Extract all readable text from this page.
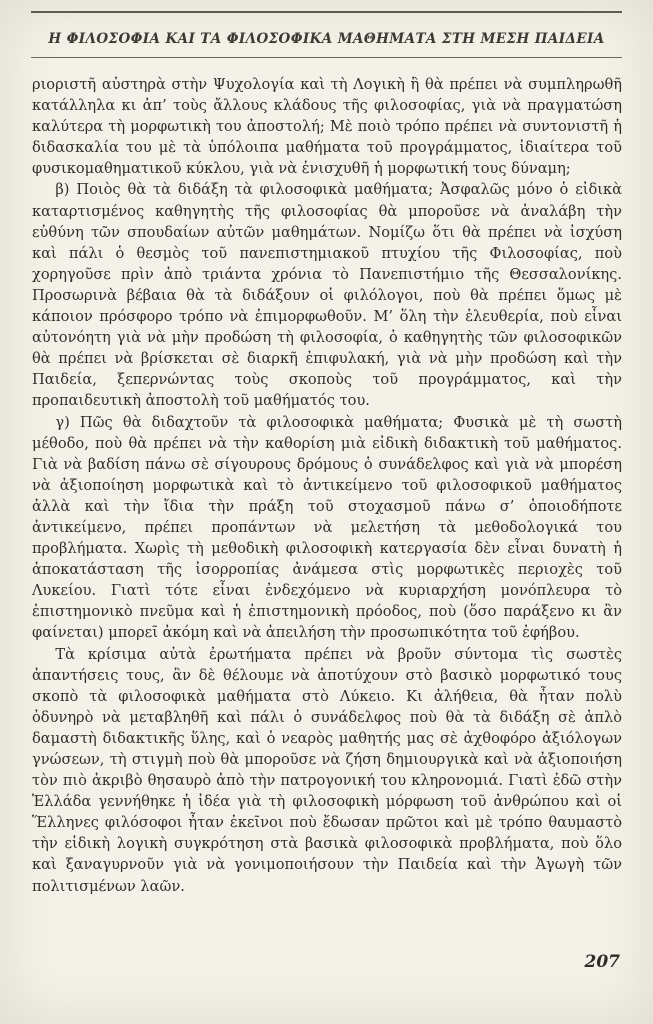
Η ΦΙΛΟΣΟΦΙΑ ΚΑΙ ΤΑ ΦΙΛΟΣΟΦΙΚΑ ΜΑΘΗΜΑΤΑ ΣΤΗ ΜΕΣΗ ΠΑΙΔΕΙΑ

ριοριστῆ αὐστηρὰ στὴν Ψυχολογία καὶ τὴ Λογικὴ ἢ θὰ πρέπει νὰ συμπληρωθῆ κατάλληλα κι ἀπ’ τοὺς ἄλλους κλάδους τῆς φιλοσοφίας, γιὰ νὰ πραγματώση καλύτερα τὴ μορφωτικὴ του ἀποστολή; Μὲ ποιὸ τρόπο πρέπει νὰ συντονιστῆ ἡ διδασκαλία του μὲ τὰ ὑπόλοιπα μαθήματα τοῦ προγράμματος, ἰδιαίτερα τοῦ φυσικομαθηματικοῦ κύκλου, γιὰ νὰ ἐνισχυθῆ ἡ μορφωτική τους δύναμη;

β) Ποιὸς θὰ τὰ διδάξη τὰ φιλοσοφικὰ μαθήματα; Ἀσφαλῶς μόνο ὁ εἰδικὰ καταρτισμένος καθηγητὴς τῆς φιλοσοφίας θὰ μποροῦσε νὰ ἀναλάβη τὴν εὐθύνη τῶν σπουδαίων αὐτῶν μαθημάτων. Νομίζω ὅτι θὰ πρέπει νὰ ἰσχύση καὶ πάλι ὁ θεσμὸς τοῦ πανεπιστημιακοῦ πτυχίου τῆς Φιλοσοφίας, ποὺ χορηγοῦσε πρὶν ἀπὸ τριάντα χρόνια τὸ Πανεπιστήμιο τῆς Θεσσαλονίκης. Προσωρινὰ βέβαια θὰ τὰ διδάξουν οἱ φιλόλογοι, ποὺ θὰ πρέπει ὅμως μὲ κάποιον πρόσφορο τρόπο νὰ ἐπιμορφωθοῦν. Μ’ ὅλη τὴν ἐλευθερία, ποὺ εἶναι αὐτονόητη γιὰ νὰ μὴν προδώση τὴ φιλοσοφία, ὁ καθηγητὴς τῶν φιλοσοφικῶν θὰ πρέπει νὰ βρίσκεται σὲ διαρκῆ ἐπιφυλακή, γιὰ νὰ μὴν προδώση καὶ τὴν Παιδεία, ξεπερνώντας τοὺς σκοποὺς τοῦ προγράμματος, καὶ τὴν προπαιδευτικὴ ἀποστολὴ τοῦ μαθήματός του.

γ) Πῶς θὰ διδαχτοῦν τὰ φιλοσοφικὰ μαθήματα; Φυσικὰ μὲ τὴ σωστὴ μέθοδο, ποὺ θὰ πρέπει νὰ τὴν καθορίση μιὰ εἰδικὴ διδακτικὴ τοῦ μαθήματος. Γιὰ νὰ βαδίση πάνω σὲ σίγουρους δρόμους ὁ συνάδελφος καὶ γιὰ νὰ μπορέση νὰ ἀξιοποίηση μορφωτικὰ καὶ τὸ ἀντικείμενο τοῦ φιλοσοφικοῦ μαθήματος ἀλλὰ καὶ τὴν ἴδια τὴν πράξη τοῦ στοχασμοῦ πάνω σ’ ὁποιοδήποτε ἀντικείμενο, πρέπει προπάντων νὰ μελετήση τὰ μεθοδολογικά του προβλήματα. Χωρὶς τὴ μεθοδικὴ φιλοσοφικὴ κατεργασία δὲν εἶναι δυνατὴ ἡ ἀποκατάσταση τῆς ἰσορροπίας ἀνάμεσα στὶς μορφωτικὲς περιοχὲς τοῦ Λυκείου. Γιατὶ τότε εἶναι ἐνδεχόμενο νὰ κυριαρχήση μονόπλευρα τὸ ἐπιστημονικὸ πνεῦμα καὶ ἡ ἐπιστημονικὴ πρόοδος, ποὺ (ὅσο παράξενο κι ἂν φαίνεται) μπορεῖ ἀκόμη καὶ νὰ ἀπειλήση τὴν προσωπικότητα τοῦ ἐφήβου.

Τὰ κρίσιμα αὐτὰ ἐρωτήματα πρέπει νὰ βροῦν σύντομα τὶς σωστὲς ἀπαντήσεις τους, ἂν δὲ θέλουμε νὰ ἀποτύχουν στὸ βασικὸ μορφωτικό τους σκοπὸ τὰ φιλοσοφικὰ μαθήματα στὸ Λύκειο. Κι ἀλήθεια, θὰ ἦταν πολὺ ὀδυνηρὸ νὰ μεταβληθῆ καὶ πάλι ὁ συνάδελφος ποὺ θὰ τὰ διδάξη σὲ ἁπλὸ δαμαστὴ διδακτικῆς ὕλης, καὶ ὁ νεαρὸς μαθητής μας σὲ ἀχθοφόρο ἀξιόλογων γνώσεων, τὴ στιγμὴ ποὺ θὰ μποροῦσε νὰ ζήση δημιουργικὰ καὶ νὰ ἀξιοποιήση τὸν πιὸ ἀκριβὸ θησαυρὸ ἀπὸ τὴν πατρογονική του κληρονομιά. Γιατὶ ἐδῶ στὴν Ἑλλάδα γεννήθηκε ἡ ἰδέα γιὰ τὴ φιλοσοφικὴ μόρφωση τοῦ ἀνθρώπου καὶ οἱ Ἕλληνες φιλόσοφοι ἦταν ἐκεῖνοι ποὺ ἔδωσαν πρῶτοι καὶ μὲ τρόπο θαυμαστὸ τὴν εἰδικὴ λογικὴ συγκρότηση στὰ βασικὰ φιλοσοφικὰ προβλήματα, ποὺ ὅλο καὶ ξαναγυρνοῦν γιὰ νὰ γονιμοποιήσουν τὴν Παιδεία καὶ τὴν Ἀγωγὴ τῶν πολιτισμένων λαῶν.

207
